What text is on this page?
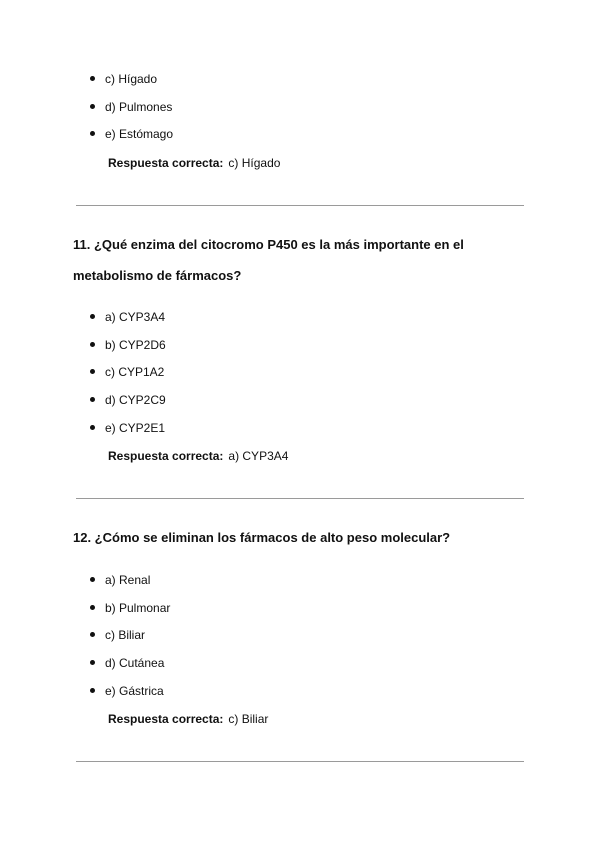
c) Hígado
d) Pulmones
e) Estómago
Respuesta correcta: c) Hígado
11. ¿Qué enzima del citocromo P450 es la más importante en el
metabolismo de fármacos?
a) CYP3A4
b) CYP2D6
c) CYP1A2
d) CYP2C9
e) CYP2E1
Respuesta correcta: a) CYP3A4
12. ¿Cómo se eliminan los fármacos de alto peso molecular?
a) Renal
b) Pulmonar
c) Biliar
d) Cutánea
e) Gástrica
Respuesta correcta: c) Biliar
